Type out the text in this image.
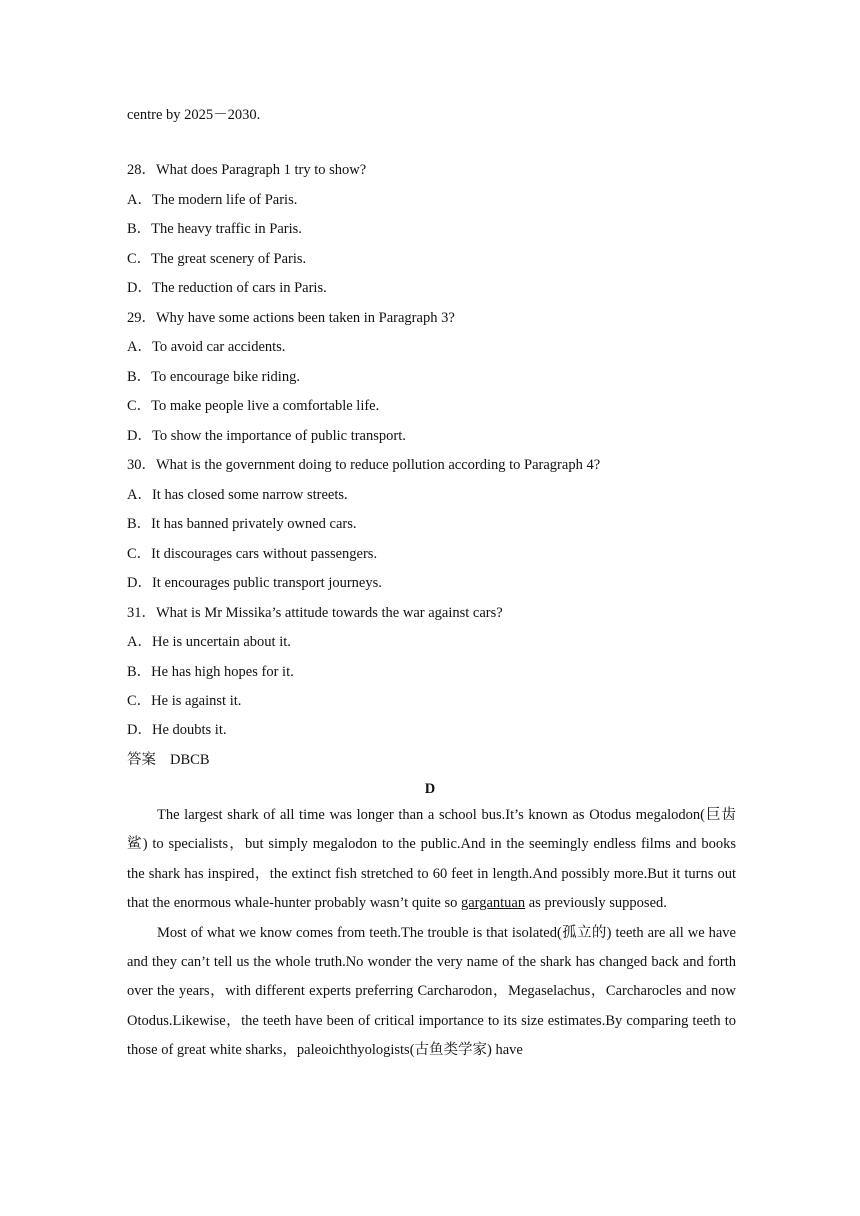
centre by 2025－2030.
28．What does Paragraph 1 try to show?
A．The modern life of Paris.
B．The heavy traffic in Paris.
C．The great scenery of Paris.
D．The reduction of cars in Paris.
29．Why have some actions been taken in Paragraph 3?
A．To avoid car accidents.
B．To encourage bike riding.
C．To make people live a comfortable life.
D．To show the importance of public transport.
30．What is the government doing to reduce pollution according to Paragraph 4?
A．It has closed some narrow streets.
B．It has banned privately owned cars.
C．It discourages cars without passengers.
D．It encourages public transport journeys.
31．What is Mr Missika’s attitude towards the war against cars?
A．He is uncertain about it.
B．He has high hopes for it.
C．He is against it.
D．He doubts it.
答案 DBCB
D

The largest shark of all time was longer than a school bus.It’s known as Otodus megalodon(巨齿鲨) to specialists，but simply megalodon to the public.And in the seemingly endless films and books the shark has inspired，the extinct fish stretched to 60 feet in length.And possibly more.But it turns out that the enormous whale-hunter probably wasn’t quite so gargantuan as previously supposed.

Most of what we know comes from teeth.The trouble is that isolated(孤立的) teeth are all we have and they can’t tell us the whole truth.No wonder the very name of the shark has changed back and forth over the years，with different experts preferring Carcharodon，Megaselachus，Carcharocles and now Otodus.Likewise，the teeth have been of critical importance to its size estimates.By comparing teeth to those of great white sharks，paleoichthyologists(古鱼类学家) have
